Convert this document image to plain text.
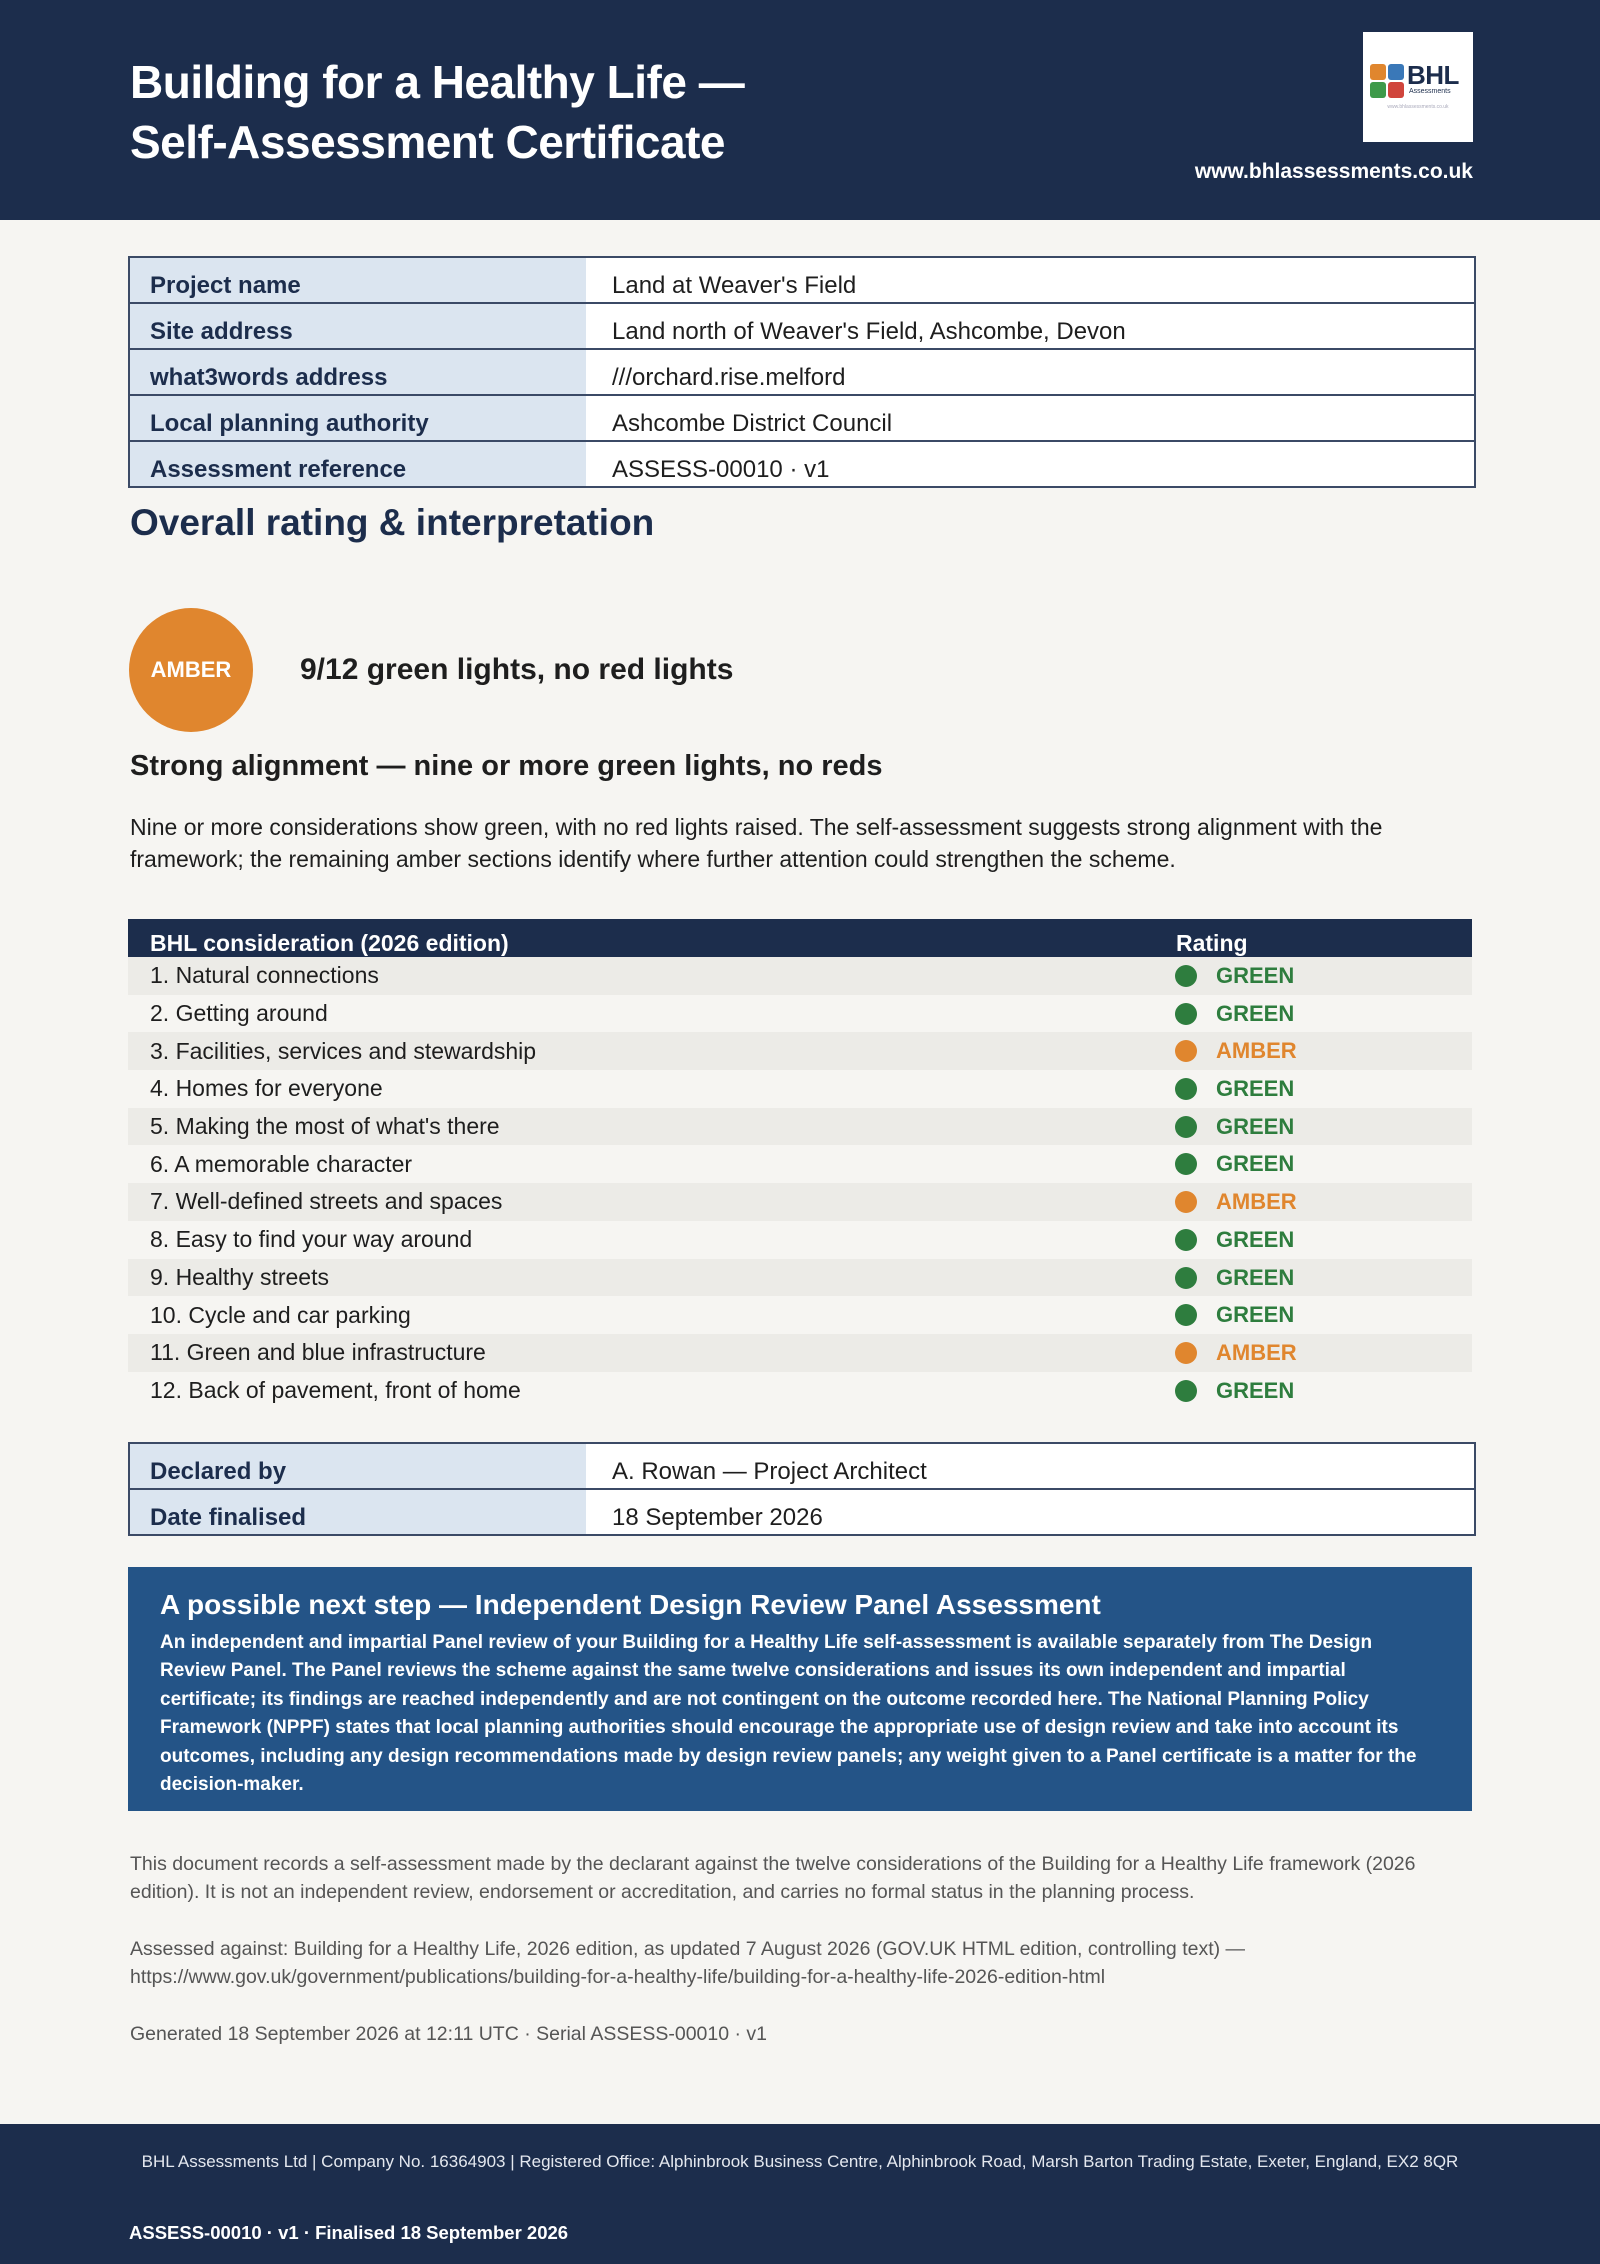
Building for a Healthy Life —
Self-Assessment Certificate
BHL
Assessments
www.bhlassessments.co.uk
www.bhlassessments.co.uk
Project name	Land at Weaver's Field
Site address	Land north of Weaver's Field, Ashcombe, Devon
what3words address	///orchard.rise.melford
Local planning authority	Ashcombe District Council
Assessment reference	ASSESS-00010 · v1
Overall rating & interpretation
AMBER	9/12 green lights, no red lights
Strong alignment — nine or more green lights, no reds
Nine or more considerations show green, with no red lights raised. The self-assessment suggests strong alignment with the framework; the remaining amber sections identify where further attention could strengthen the scheme.
BHL consideration (2026 edition)	Rating
1. Natural connections	GREEN
2. Getting around	GREEN
3. Facilities, services and stewardship	AMBER
4. Homes for everyone	GREEN
5. Making the most of what's there	GREEN
6. A memorable character	GREEN
7. Well-defined streets and spaces	AMBER
8. Easy to find your way around	GREEN
9. Healthy streets	GREEN
10. Cycle and car parking	GREEN
11. Green and blue infrastructure	AMBER
12. Back of pavement, front of home	GREEN
Declared by	A. Rowan — Project Architect
Date finalised	18 September 2026
A possible next step — Independent Design Review Panel Assessment

An independent and impartial Panel review of your Building for a Healthy Life self-assessment is available separately from The Design Review Panel. The Panel reviews the scheme against the same twelve considerations and issues its own independent and impartial certificate; its findings are reached independently and are not contingent on the outcome recorded here. The National Planning Policy Framework (NPPF) states that local planning authorities should encourage the appropriate use of design review and take into account its outcomes, including any design recommendations made by design review panels; any weight given to a Panel certificate is a matter for the decision-maker.

This document records a self-assessment made by the declarant against the twelve considerations of the Building for a Healthy Life framework (2026 edition). It is not an independent review, endorsement or accreditation, and carries no formal status in the planning process.
Assessed against: Building for a Healthy Life, 2026 edition, as updated 7 August 2026 (GOV.UK HTML edition, controlling text) — https://www.gov.uk/government/publications/building-for-a-healthy-life/building-for-a-healthy-life-2026-edition-html
Generated 18 September 2026 at 12:11 UTC · Serial ASSESS-00010 · v1
BHL Assessments Ltd | Company No. 16364903 | Registered Office: Alphinbrook Business Centre, Alphinbrook Road, Marsh Barton Trading Estate, Exeter, England, EX2 8QR
ASSESS-00010 · v1 · Finalised 18 September 2026
